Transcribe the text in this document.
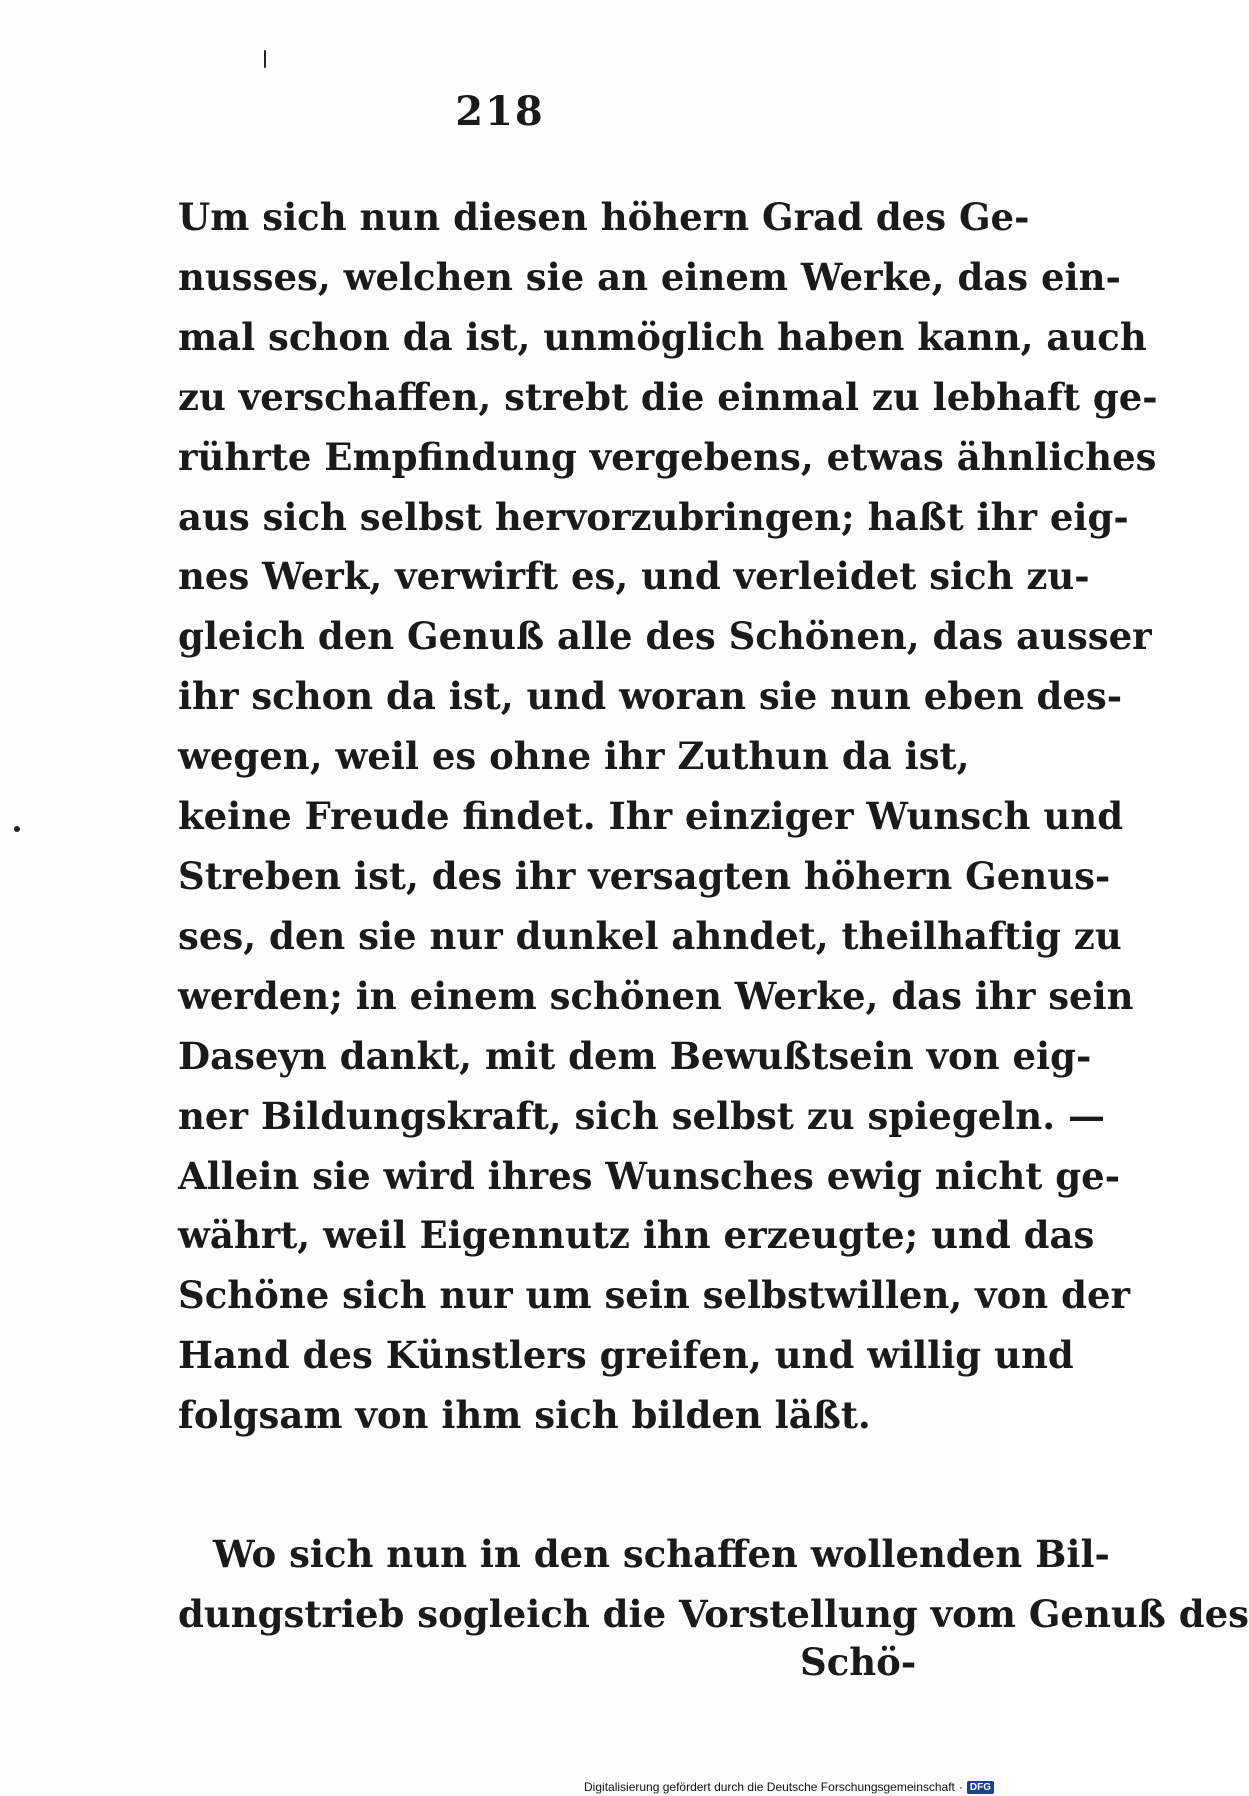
218
Um sich nun diesen höhern Grad des Ge-
nusses, welchen sie an einem Werke, das ein-
mal schon da ist, unmöglich haben kann, auch
zu verschaffen, strebt die einmal zu lebhaft ge-
rührte Empfindung vergebens, etwas ähnliches
aus sich selbst hervorzubringen; haßt ihr eig-
nes Werk, verwirft es, und verleidet sich zu-
gleich den Genuß alle des Schönen, das ausser
ihr schon da ist, und woran sie nun eben des-
wegen, weil es ohne ihr Zuthun da ist,
keine Freude findet. Ihr einziger Wunsch und
Streben ist, des ihr versagten höhern Genus-
ses, den sie nur dunkel ahndet, theilhaftig zu
werden; in einem schönen Werke, das ihr sein
Daseyn dankt, mit dem Bewußtsein von eig-
ner Bildungskraft, sich selbst zu spiegeln. —
Allein sie wird ihres Wunsches ewig nicht ge-
währt, weil Eigennutz ihn erzeugte; und das
Schöne sich nur um sein selbstwillen, von der
Hand des Künstlers greifen, und willig und
folgsam von ihm sich bilden läßt.
Wo sich nun in den schaffen wollenden Bil-
dungstrieb sogleich die Vorstellung vom Genuß des
Schö-
Digitalisierung gefördert durch die Deutsche Forschungsgemeinschaft · DFG
